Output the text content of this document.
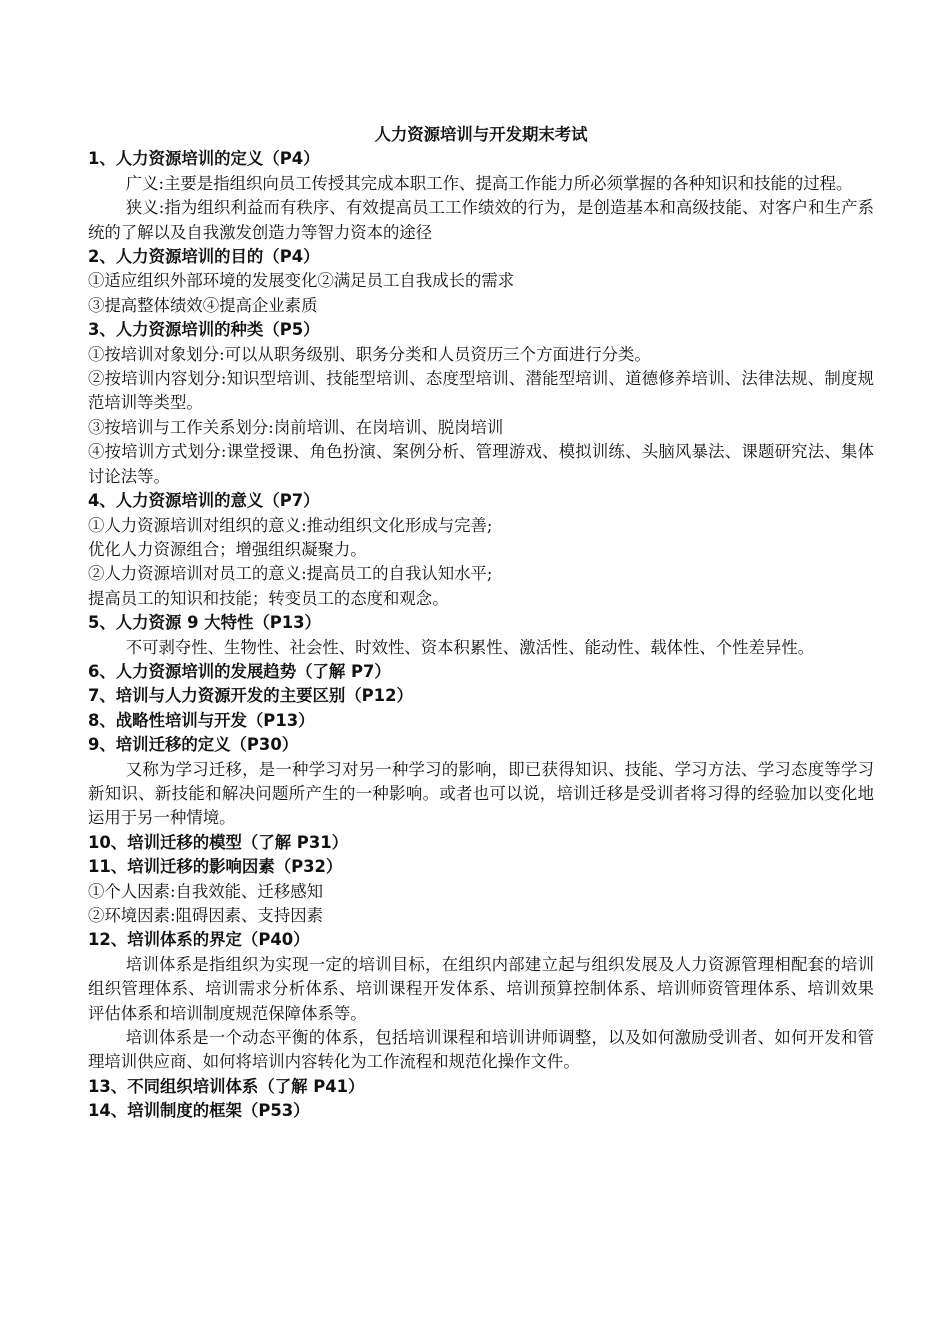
人力资源培训与开发期末考试

1、人力资源培训的定义（P4）

广义:主要是指组织向员工传授其完成本职工作、提高工作能力所必须掌握的各种知识和技能的过程。

狭义:指为组织利益而有秩序、有效提高员工工作绩效的行为，是创造基本和高级技能、对客户和生产系统的了解以及自我激发创造力等智力资本的途径

2、人力资源培训的目的（P4）

①适应组织外部环境的发展变化②满足员工自我成长的需求

③提高整体绩效④提高企业素质

3、人力资源培训的种类（P5）

①按培训对象划分:可以从职务级别、职务分类和人员资历三个方面进行分类。

②按培训内容划分:知识型培训、技能型培训、态度型培训、潜能型培训、道德修养培训、法律法规、制度规范培训等类型。

③按培训与工作关系划分:岗前培训、在岗培训、脱岗培训

④按培训方式划分:课堂授课、角色扮演、案例分析、管理游戏、模拟训练、头脑风暴法、课题研究法、集体讨论法等。

4、人力资源培训的意义（P7）

①人力资源培训对组织的意义:推动组织文化形成与完善;

优化人力资源组合；增强组织凝聚力。

②人力资源培训对员工的意义:提高员工的自我认知水平;

提高员工的知识和技能；转变员工的态度和观念。

5、人力资源 9 大特性（P13）

不可剥夺性、生物性、社会性、时效性、资本积累性、激活性、能动性、载体性、个性差异性。

6、人力资源培训的发展趋势（了解 P7）

7、培训与人力资源开发的主要区别（P12）

8、战略性培训与开发（P13）

9、培训迁移的定义（P30）

又称为学习迁移，是一种学习对另一种学习的影响，即已获得知识、技能、学习方法、学习态度等学习新知识、新技能和解决问题所产生的一种影响。或者也可以说，培训迁移是受训者将习得的经验加以变化地运用于另一种情境。

10、培训迁移的模型（了解 P31）

11、培训迁移的影响因素（P32）

①个人因素:自我效能、迁移感知

②环境因素:阻碍因素、支持因素

12、培训体系的界定（P40）

培训体系是指组织为实现一定的培训目标，在组织内部建立起与组织发展及人力资源管理相配套的培训组织管理体系、培训需求分析体系、培训课程开发体系、培训预算控制体系、培训师资管理体系、培训效果评估体系和培训制度规范保障体系等。

培训体系是一个动态平衡的体系，包括培训课程和培训讲师调整，以及如何激励受训者、如何开发和管理培训供应商、如何将培训内容转化为工作流程和规范化操作文件。

13、不同组织培训体系（了解 P41）

14、培训制度的框架（P53）
